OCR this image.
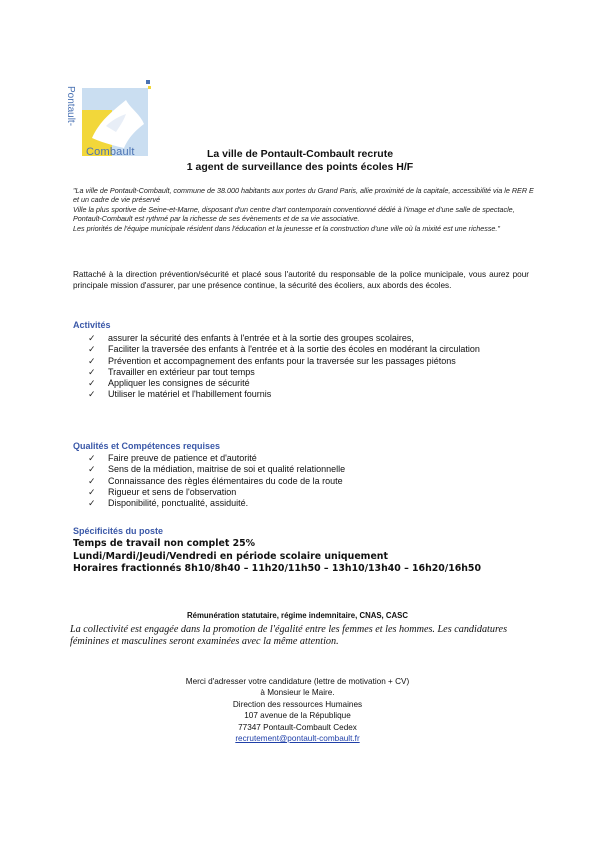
Pontault-
Combault	La ville de Pontault-Combault recrute
1 agent de surveillance des points écoles H/F

"La ville de Pontault-Combault, commune de 38.000 habitants aux portes du Grand Paris, allie proximité de la capitale, accessibilité via le RER E et un cadre de vie préservé

Ville la plus sportive de Seine-et-Marne, disposant d'un centre d'art contemporain conventionné dédié à l'image et d'une salle de spectacle, Pontault-Combault est rythmé par la richesse de ses évènements et de sa vie associative.

Les priorités de l'équipe municipale résident dans l'éducation et la jeunesse et la construction d'une ville où la mixité est une richesse."

Rattaché à la direction prévention/sécurité et placé sous l'autorité du responsable de la police municipale, vous aurez pour principale mission d'assurer, par une présence continue, la sécurité des écoliers, aux abords des écoles.
Activités
✓ assurer la sécurité des enfants à l'entrée et à la sortie des groupes scolaires,
✓ Faciliter la traversée des enfants à l'entrée et à la sortie des écoles en modérant la circulation
✓ Prévention et accompagnement des enfants pour la traversée sur les passages piétons
✓ Travailler en extérieur par tout temps
✓ Appliquer les consignes de sécurité
✓ Utiliser le matériel et l'habillement fournis
Qualités et Compétences requises
✓ Faire preuve de patience et d'autorité
✓ Sens de la médiation, maitrise de soi et qualité relationnelle
✓ Connaissance des règles élémentaires du code de la route
✓ Rigueur et sens de l'observation
✓ Disponibilité, ponctualité, assiduité.
Spécificités du poste
Temps de travail non complet 25%
Lundi/Mardi/Jeudi/Vendredi en période scolaire uniquement
Horaires fractionnés 8h10/8h40 – 11h20/11h50 – 13h10/13h40 – 16h20/16h50
Rémunération statutaire, régime indemnitaire, CNAS, CASC
La collectivité est engagée dans la promotion de l'égalité entre les femmes et les hommes. Les candidatures féminines et masculines seront examinées avec la même attention.
Merci d'adresser votre candidature (lettre de motivation + CV)
à Monsieur le Maire.
Direction des ressources Humaines
107 avenue de la République
77347 Pontault-Combault Cedex
recrutement@pontault-combault.fr
